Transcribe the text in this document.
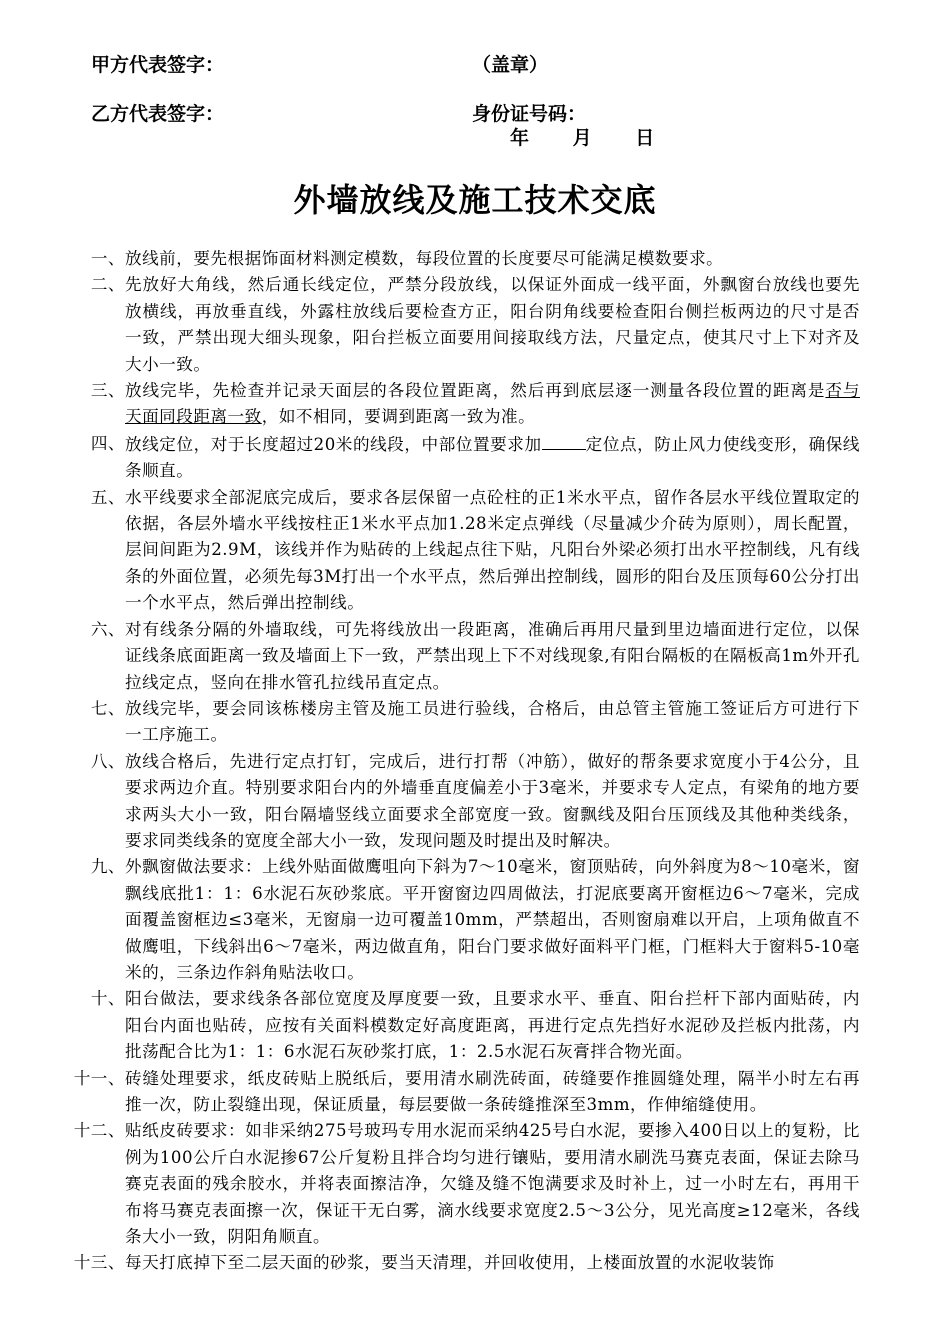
甲方代表签字：	（盖章）
乙方代表签字：	身份证号码：
年　 月　 日
外墙放线及施工技术交底
一、 放线前，要先根据饰面材料测定模数，每段位置的长度要尽可能满足模数要求。
二、 先放好大角线，然后通长线定位，严禁分段放线，以保证外面成一线平面，外飘窗台放线也要先放横线，再放垂直线，外露柱放线后要检查方正，阳台阴角线要检查阳台侧拦板两边的尺寸是否一致，严禁出现大细头现象，阳台拦板立面要用间接取线方法，尺量定点，使其尺寸上下对齐及大小一致。
三、 放线完毕，先检查并记录天面层的各段位置距离，然后再到底层逐一测量各段位置的距离是否与天面同段距离一致，如不相同，要调到距离一致为准。
四、 放线定位，对于长度超过20米的线段，中部位置要求加	定位点，防止风力使线变形，确保线条顺直。
五、 水平线要求全部泥底完成后，要求各层保留一点砼柱的正1米水平点，留作各层水平线位置取定的依据，各层外墙水平线按柱正1米水平点加1.28米定点弹线（尽量减少介砖为原则），周长配置，层间间距为2.9M，该线并作为贴砖的上线起点往下贴，凡阳台外梁必须打出水平控制线，凡有线条的外面位置，必须先每3M打出一个水平点，然后弹出控制线，圆形的阳台及压顶每60公分打出一个水平点，然后弹出控制线。
六、 对有线条分隔的外墙取线，可先将线放出一段距离，准确后再用尺量到里边墙面进行定位，以保证线条底面距离一致及墙面上下一致，严禁出现上下不对线现象,有阳台隔板的在隔板高1m外开孔拉线定点，竖向在排水管孔拉线吊直定点。
七、 放线完毕，要会同该栋楼房主管及施工员进行验线，合格后，由总管主管施工签证后方可进行下一工序施工。
八、 放线合格后，先进行定点打钉，完成后，进行打帮（冲筋），做好的帮条要求宽度小于4公分，且要求两边介直。特别要求阳台内的外墙垂直度偏差小于3毫米，并要求专人定点，有梁角的地方要求两头大小一致，阳台隔墙竖线立面要求全部宽度一致。窗飘线及阳台压顶线及其他种类线条，要求同类线条的宽度全部大小一致，发现问题及时提出及时解决。
九、 外飘窗做法要求：上线外贴面做鹰咀向下斜为7～10毫米，窗顶贴砖，向外斜度为8～10毫米，窗飘线底批1：1：6水泥石灰砂浆底。平开窗窗边四周做法，打泥底要离开窗框边6～7毫米，完成面覆盖窗框边≤3毫米，无窗扇一边可覆盖10mm，严禁超出，否则窗扇难以开启，上项角做直不做鹰咀，下线斜出6～7毫米，两边做直角，阳台门要求做好面料平门框，门框料大于窗料5-10毫米的，三条边作斜角贴法收口。
十、 阳台做法，要求线条各部位宽度及厚度要一致，且要求水平、垂直、阳台拦杆下部内面贴砖，内阳台内面也贴砖，应按有关面料模数定好高度距离，再进行定点先挡好水泥砂及拦板内批荡，内批荡配合比为1：1：6水泥石灰砂浆打底，1：2.5水泥石灰膏拌合物光面。
十一、 砖缝处理要求，纸皮砖贴上脱纸后，要用清水刷洗砖面，砖缝要作推圆缝处理，隔半小时左右再推一次，防止裂缝出现，保证质量，每层要做一条砖缝推深至3mm，作伸缩缝使用。
十二、 贴纸皮砖要求：如非采纳275号玻玛专用水泥而采纳425号白水泥，要掺入400日以上的复粉，比例为100公斤白水泥掺67公斤复粉且拌合均匀进行镶贴，要用清水刷洗马赛克表面，保证去除马赛克表面的残余胶水，并将表面擦洁净，欠缝及缝不饱满要求及时补上，过一小时左右，再用干布将马赛克表面擦一次，保证干无白雾，滴水线要求宽度2.5～3公分，见光高度≥12毫米，各线条大小一致，阴阳角顺直。
十三、 每天打底掉下至二层天面的砂浆，要当天清理，并回收使用，上楼面放置的水泥收装饰
